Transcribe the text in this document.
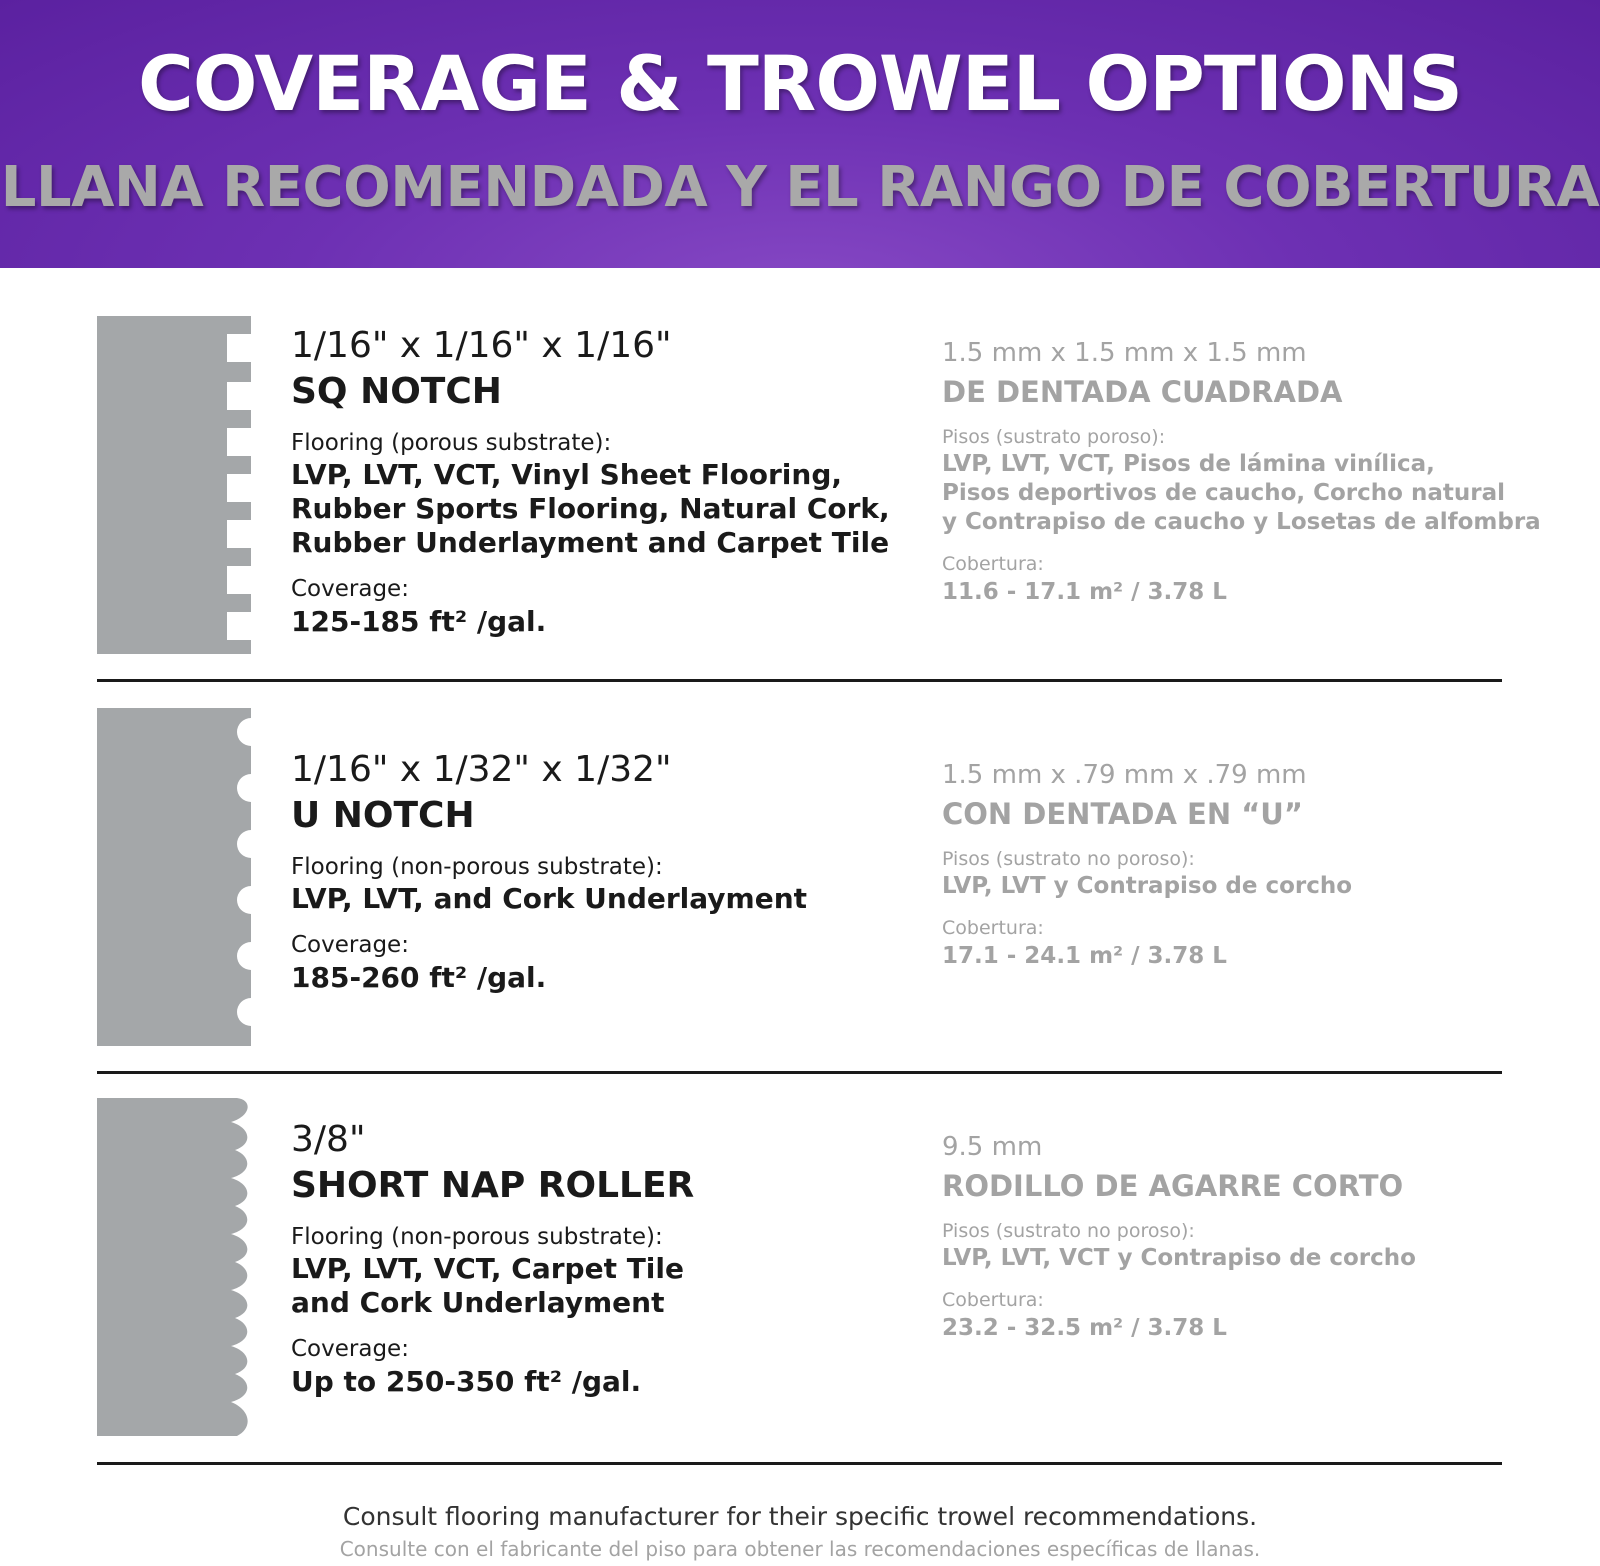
COVERAGE & TROWEL OPTIONS
LLANA RECOMENDADA Y EL RANGO DE COBERTURA
1/16" x 1/16" x 1/16"
SQ NOTCH
Flooring (porous substrate):
LVP, LVT, VCT, Vinyl Sheet Flooring,
Rubber Sports Flooring, Natural Cork,
Rubber Underlayment and Carpet Tile
Coverage:
125-185 ft² /gal.
1.5 mm x 1.5 mm x 1.5 mm
DE DENTADA CUADRADA
Pisos (sustrato poroso):
LVP, LVT, VCT, Pisos de lámina vinílica,
Pisos deportivos de caucho, Corcho natural
y Contrapiso de caucho y Losetas de alfombra
Cobertura:
11.6 - 17.1 m² / 3.78 L
1/16" x 1/32" x 1/32"
U NOTCH
Flooring (non-porous substrate):
LVP, LVT, and Cork Underlayment
Coverage:
185-260 ft² /gal.
1.5 mm x .79 mm x .79 mm
CON DENTADA EN “U”
Pisos (sustrato no poroso):
LVP, LVT y Contrapiso de corcho
Cobertura:
17.1 - 24.1 m² / 3.78 L
3/8"
SHORT NAP ROLLER
Flooring (non-porous substrate):
LVP, LVT, VCT, Carpet Tile
and Cork Underlayment
Coverage:
Up to 250-350 ft² /gal.
9.5 mm
RODILLO DE AGARRE CORTO
Pisos (sustrato no poroso):
LVP, LVT, VCT y Contrapiso de corcho
Cobertura:
23.2 - 32.5 m² / 3.78 L
Consult flooring manufacturer for their specific trowel recommendations.
Consulte con el fabricante del piso para obtener las recomendaciones específicas de llanas.
